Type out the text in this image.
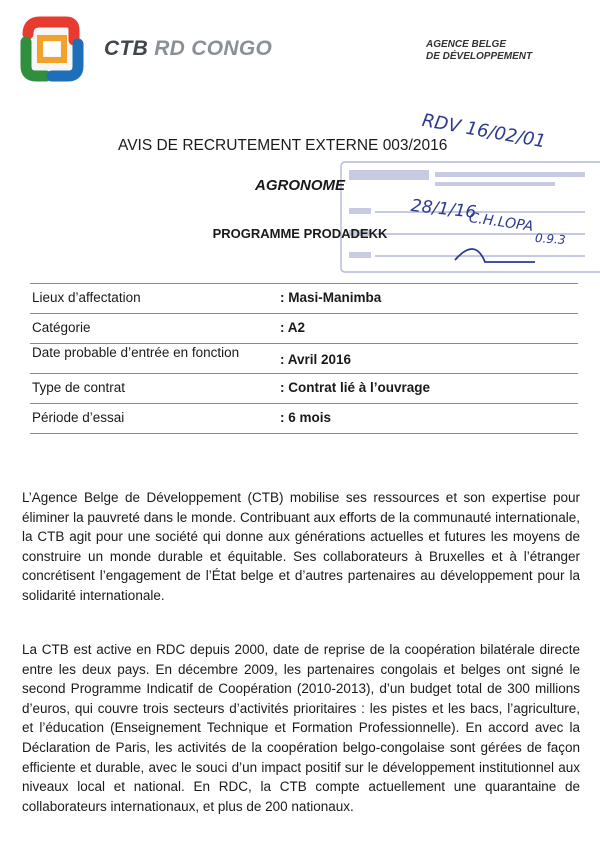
CTB RD CONGO	AGENCE BELGE
DE DÉVELOPPEMENT
RDV 16/02/01
28/1/16
C.H.LOPA
0.9.3
AVIS DE RECRUTEMENT EXTERNE 003/2016
AGRONOME
PROGRAMME PRODADEKK
Lieux d’affectation	: Masi-Manimba
Catégorie	: A2
Date probable d’entrée en fonction	: Avril 2016
Type de contrat	: Contrat lié à l’ouvrage
Période d’essai	: 6 mois

L’Agence Belge de Développement (CTB) mobilise ses ressources et son expertise pour éliminer la pauvreté dans le monde. Contribuant aux efforts de la communauté internationale, la CTB agit pour une société qui donne aux générations actuelles et futures les moyens de construire un monde durable et équitable. Ses collaborateurs à Bruxelles et à l’étranger concrétisent l’engagement de l’État belge et d’autres partenaires au développement pour la solidarité internationale.

La CTB est active en RDC depuis 2000, date de reprise de la coopération bilatérale directe entre les deux pays. En décembre 2009, les partenaires congolais et belges ont signé le second Programme Indicatif de Coopération (2010-2013), d’un budget total de 300 millions d’euros, qui couvre trois secteurs d’activités prioritaires : les pistes et les bacs, l’agriculture, et l’éducation (Enseignement Technique et Formation Professionnelle). En accord avec la Déclaration de Paris, les activités de la coopération belgo-congolaise sont gérées de façon efficiente et durable, avec le souci d’un impact positif sur le développement institutionnel aux niveaux local et national. En RDC, la CTB compte actuellement une quarantaine de collaborateurs internationaux, et plus de 200 nationaux.
